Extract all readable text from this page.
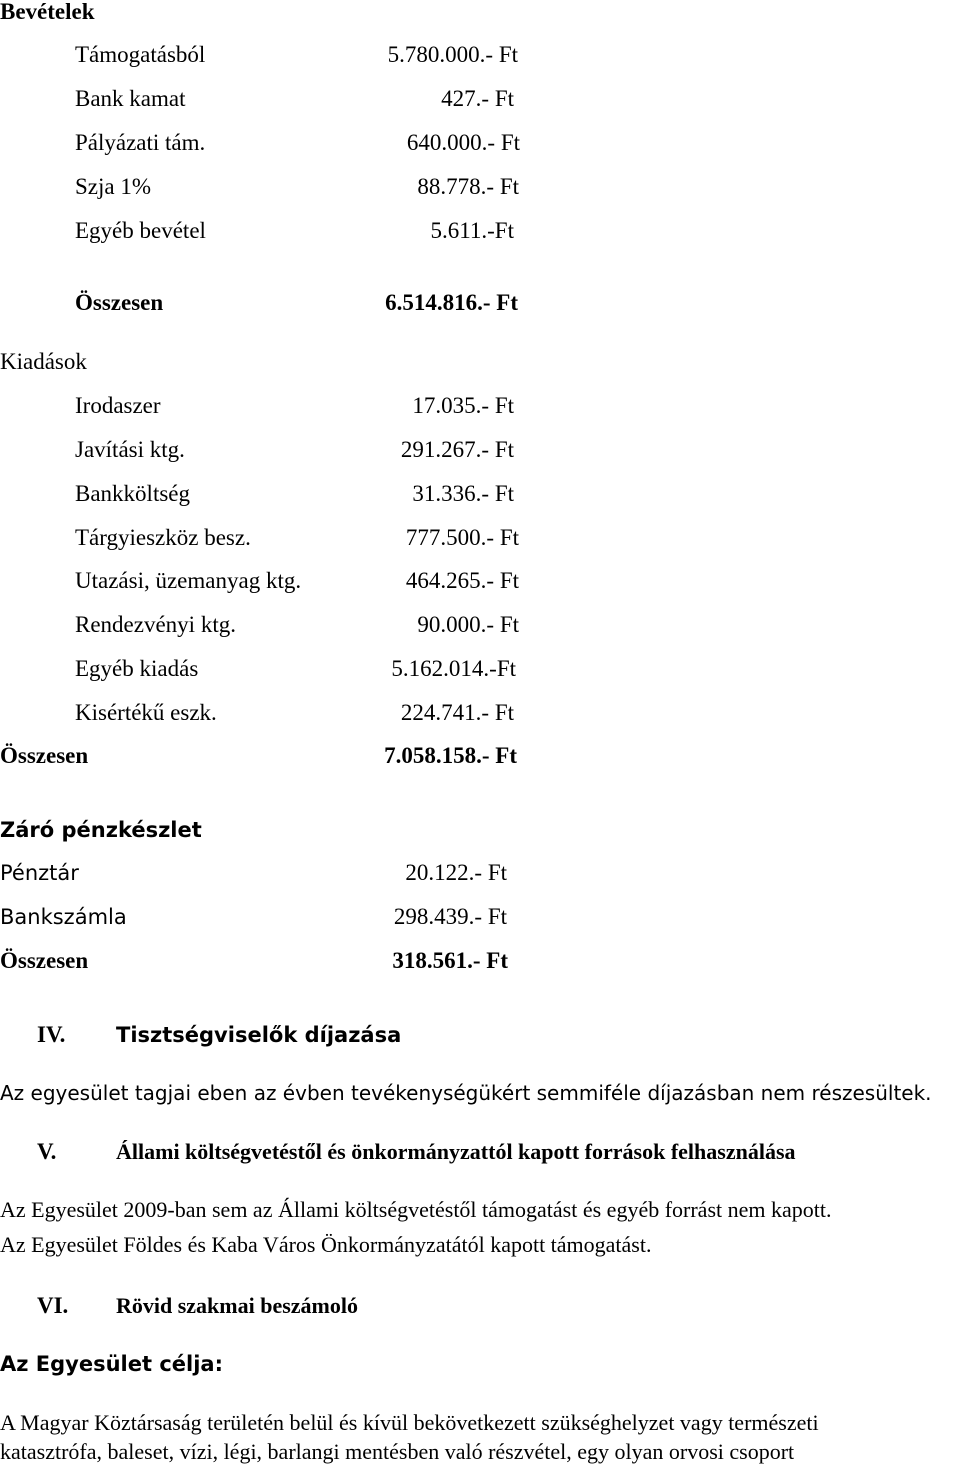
Bevételek
Támogatásból	5.780.000.- Ft
Bank kamat	427.- Ft
Pályázati tám.	640.000.- Ft
Szja 1%	88.778.- Ft
Egyéb bevétel	5.611.-Ft
Összesen	6.514.816.- Ft
Kiadások
Irodaszer	17.035.- Ft
Javítási ktg.	291.267.- Ft
Bankköltség	31.336.- Ft
Tárgyieszköz besz.	777.500.- Ft
Utazási, üzemanyag ktg.	464.265.- Ft
Rendezvényi ktg.	90.000.- Ft
Egyéb kiadás	5.162.014.-Ft
Kisértékű eszk.	224.741.- Ft
Összesen	7.058.158.- Ft
Záró pénzkészlet
Pénztár	20.122.- Ft
Bankszámla	298.439.- Ft
Összesen	318.561.- Ft
IV. Tisztségviselők díjazása
Az egyesület tagjai eben az évben tevékenységükért semmiféle díjazásban nem részesültek.
V.	Állami költségvetéstől és önkormányzattól kapott források felhasználása
Az Egyesület 2009-ban sem az Állami költségvetéstől támogatást és egyéb forrást nem kapott.
Az Egyesület Földes és Kaba Város Önkormányzatától kapott támogatást.
VI. Rövid szakmai beszámoló
Az Egyesület célja:
A Magyar Köztársaság területén belül és kívül bekövetkezett szükséghelyzet vagy természeti
katasztrófa, baleset, vízi, légi, barlangi mentésben való részvétel, egy olyan orvosi csoport
